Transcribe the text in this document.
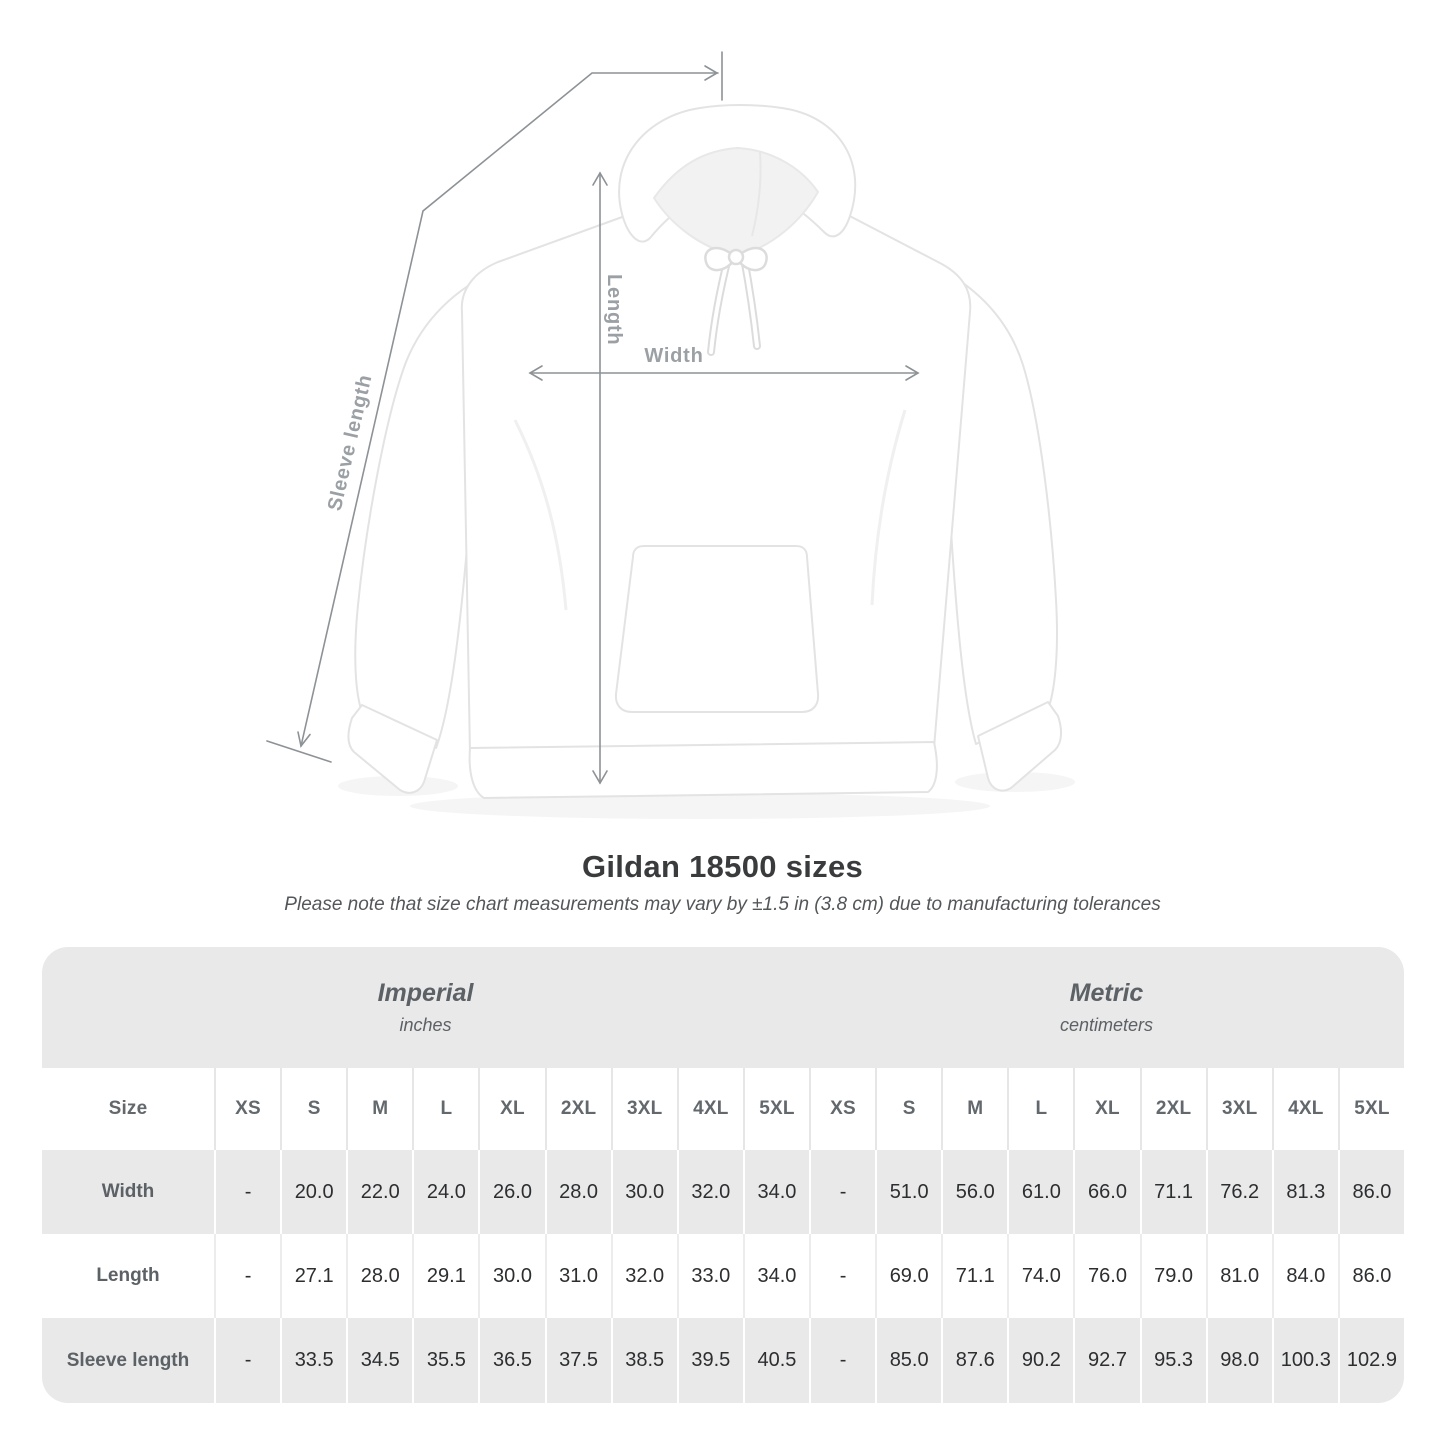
Length
Width
Sleeve length
Gildan 18500 sizes
Please note that size chart measurements may vary by ±1.5 in (3.8 cm) due to manufacturing tolerances
Imperial
inches
Metric
centimeters
Size	XS	S	M	L	XL	2XL	3XL	4XL	5XL	XS	S	M	L	XL	2XL	3XL	4XL	5XL
Width	-	20.0	22.0	24.0	26.0	28.0	30.0	32.0	34.0	-	51.0	56.0	61.0	66.0	71.1	76.2	81.3	86.0
Length	-	27.1	28.0	29.1	30.0	31.0	32.0	33.0	34.0	-	69.0	71.1	74.0	76.0	79.0	81.0	84.0	86.0
Sleeve length	-	33.5	34.5	35.5	36.5	37.5	38.5	39.5	40.5	-	85.0	87.6	90.2	92.7	95.3	98.0	100.3 102.9
